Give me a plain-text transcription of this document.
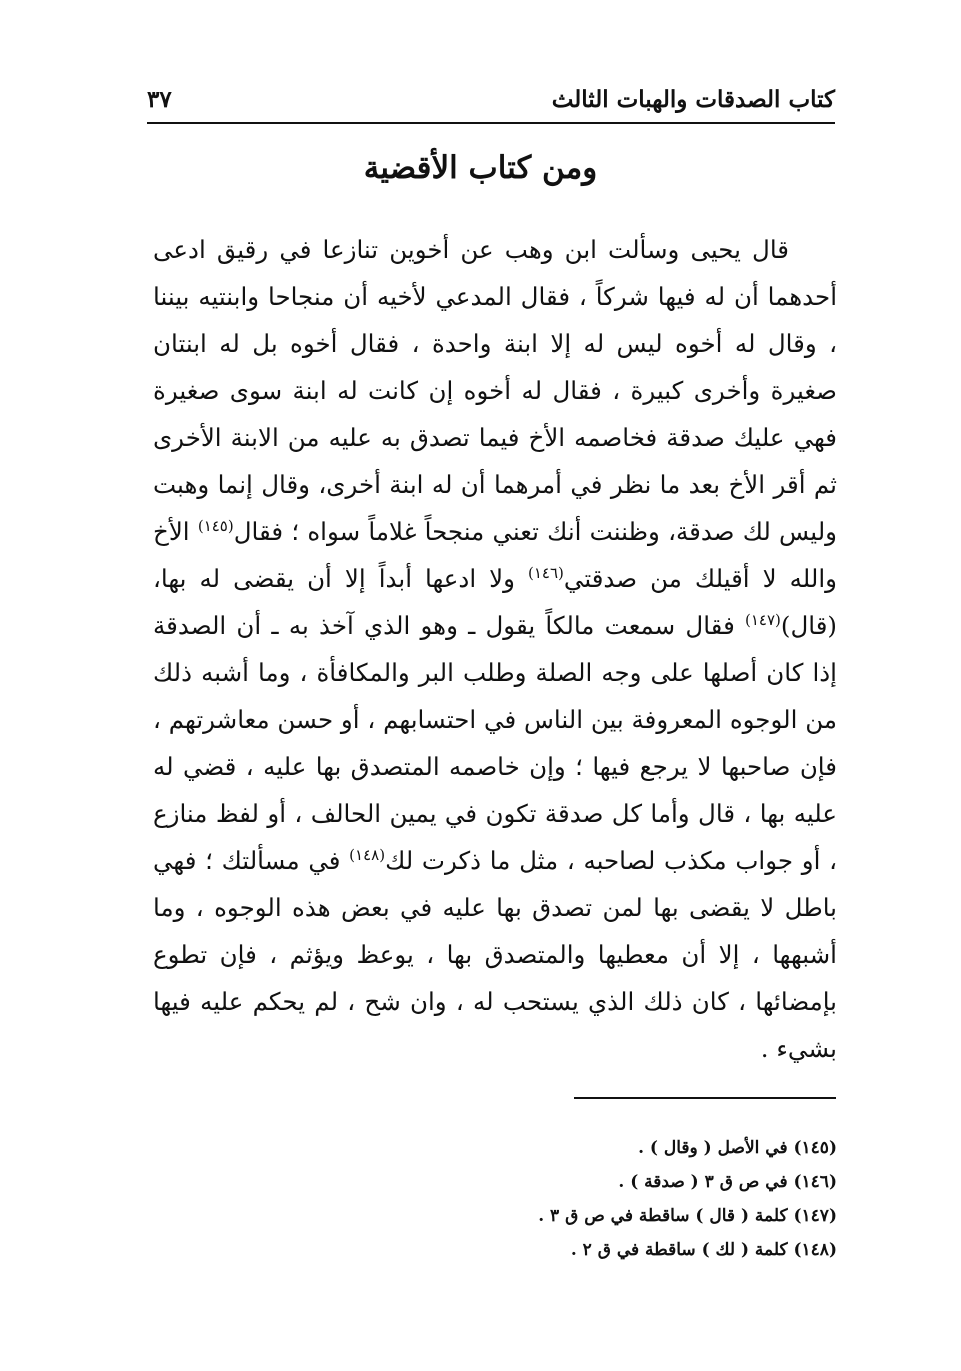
كتاب الصدقات والهبات الثالث
٣٧
ومن كتاب الأقضية

قال يحيى وسألت ابن وهب عن أخوين تنازعا في رقيق ادعى أحدهما أن له فيها شركاً ، فقال المدعي لأخيه أن منجاحا وابنتيه بيننا ، وقال له أخوه ليس له إلا ابنة واحدة ، فقال أخوه بل له ابنتان صغيرة وأخرى كبيرة ، فقال له أخوه إن كانت له ابنة سوى صغيرة فهي عليك صدقة فخاصمه الأخ فيما تصدق به عليه من الابنة الأخرى ثم أقر الأخ بعد ما نظر في أمرهما أن له ابنة أخرى، وقال إنما وهبت وليس لك صدقة، وظننت أنك تعني منجحاً غلاماً سواه ؛ فقال$^{(١٤٥)}$ الأخ والله لا أقيلك من صدقتي$^{(١٤٦)}$ ولا ادعها أبداً إلا أن يقضى له بها، (قال)$^{(١٤٧)}$ فقال سمعت مالكاً يقول ـ وهو الذي آخذ به ـ أن الصدقة إذا كان أصلها على وجه الصلة وطلب البر والمكافأة ، وما أشبه ذلك من الوجوه المعروفة بين الناس في احتسابهم ، أو حسن معاشرتهم ، فإن صاحبها لا يرجع فيها ؛ وإن خاصمه المتصدق بها عليه ، قضي له عليه بها ، قال وأما كل صدقة تكون في يمين الحالف ، أو لفظ منازع ، أو جواب مكذب لصاحبه ، مثل ما ذكرت لك$^{(١٤٨)}$ في مسألتك ؛ فهي باطل لا يقضى بها لمن تصدق بها عليه في بعض هذه الوجوه ، وما أشبهها ، إلا أن معطيها والمتصدق بها ، يوعظ ويؤثم ، فإن تطوع بإمضائها ، كان ذلك الذي يستحب له ، وان شح ، لم يحكم عليه فيها بشيء .

(١٤٥) في الأصل ( وقال ) .
(١٤٦) في ص ق ٣ ( صدقة ) .
(١٤٧) كلمة ( قال ) ساقطة في ص ق ٣ .
(١٤٨) كلمة ( لك ) ساقطة في ق ٢ .
